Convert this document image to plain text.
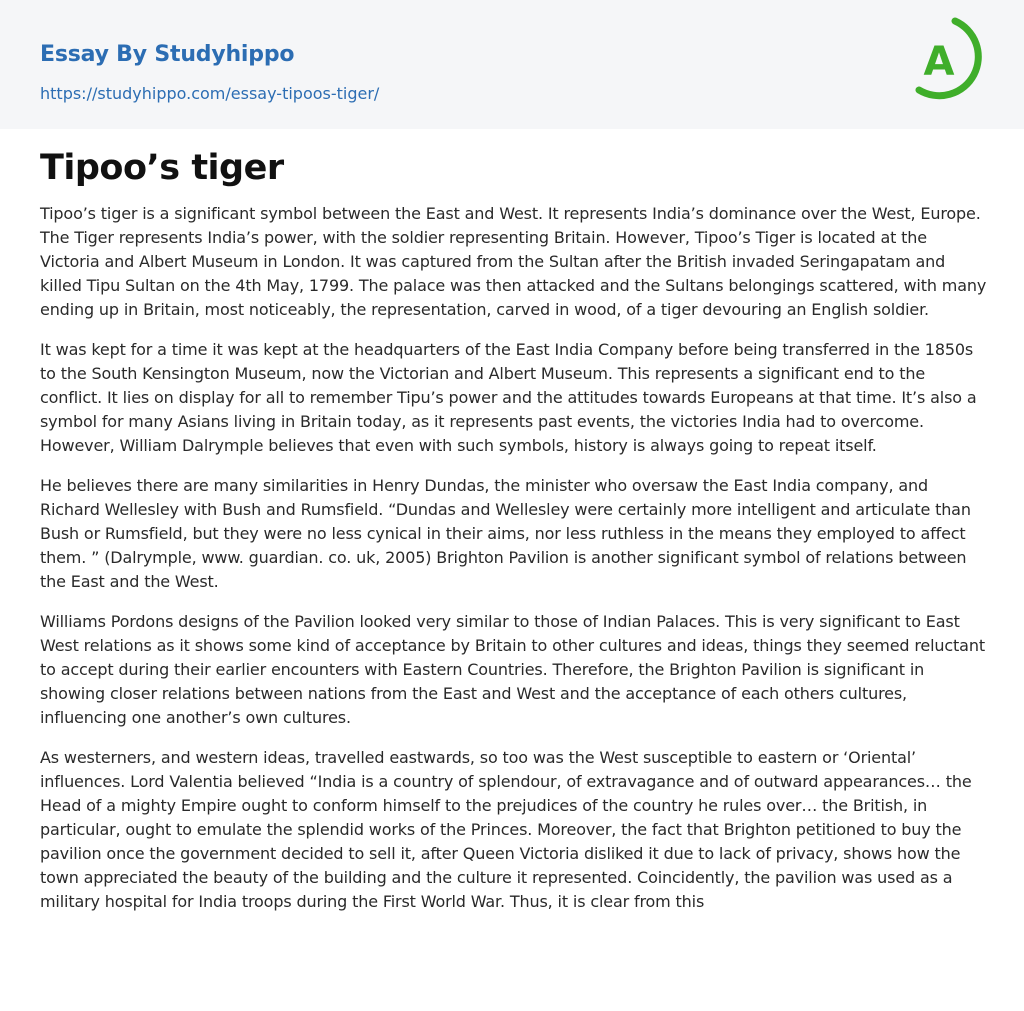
Essay By Studyhippo
https://studyhippo.com/essay-tipoos-tiger/
A
Tipoo’s tiger

Tipoo’s tiger is a significant symbol between the East and West. It represents India’s dominance over the West, Europe. The Tiger represents India’s power, with the soldier representing Britain. However, Tipoo’s Tiger is located at the Victoria and Albert Museum in London. It was captured from the Sultan after the British invaded Seringapatam and killed Tipu Sultan on the 4th May, 1799. The palace was then attacked and the Sultans belongings scattered, with many ending up in Britain, most noticeably, the representation, carved in wood, of a tiger devouring an English soldier.

It was kept for a time it was kept at the headquarters of the East India Company before being transferred in the 1850s to the South Kensington Museum, now the Victorian and Albert Museum. This represents a significant end to the conflict. It lies on display for all to remember Tipu’s power and the attitudes towards Europeans at that time. It’s also a symbol for many Asians living in Britain today, as it represents past events, the victories India had to overcome. However, William Dalrymple believes that even with such symbols, history is always going to repeat itself.

He believes there are many similarities in Henry Dundas, the minister who oversaw the East India company, and Richard Wellesley with Bush and Rumsfield. “Dundas and Wellesley were certainly more intelligent and articulate than Bush or Rumsfield, but they were no less cynical in their aims, nor less ruthless in the means they employed to affect them. ” (Dalrymple, www. guardian. co. uk, 2005) Brighton Pavilion is another significant symbol of relations between the East and the West.

Williams Pordons designs of the Pavilion looked very similar to those of Indian Palaces. This is very significant to East West relations as it shows some kind of acceptance by Britain to other cultures and ideas, things they seemed reluctant to accept during their earlier encounters with Eastern Countries. Therefore, the Brighton Pavilion is significant in showing closer relations between nations from the East and West and the acceptance of each others cultures, influencing one another’s own cultures.

As westerners, and western ideas, travelled eastwards, so too was the West susceptible to eastern or ‘Oriental’ influences. Lord Valentia believed “India is a country of splendour, of extravagance and of outward appearances… the Head of a mighty Empire ought to conform himself to the prejudices of the country he rules over… the British, in particular, ought to emulate the splendid works of the Princes. Moreover, the fact that Brighton petitioned to buy the pavilion once the government decided to sell it, after Queen Victoria disliked it due to lack of privacy, shows how the town appreciated the beauty of the building and the culture it represented. Coincidently, the pavilion was used as a military hospital for India troops during the First World War. Thus, it is clear from this
